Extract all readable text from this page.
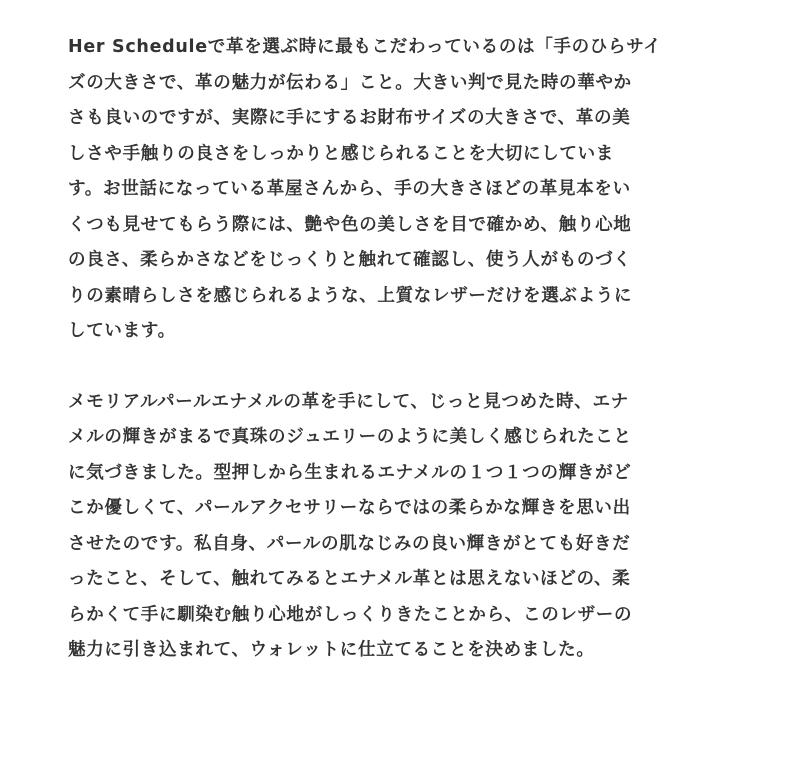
Her Scheduleで革を選ぶ時に最もこだわっているのは「手のひらサイ
ズの大きさで、革の魅力が伝わる」こと。大きい判で見た時の華やか
さも良いのですが、実際に手にするお財布サイズの大きさで、革の美
しさや手触りの良さをしっかりと感じられることを大切にしていま
す。お世話になっている革屋さんから、手の大きさほどの革見本をい
くつも見せてもらう際には、艶や色の美しさを目で確かめ、触り心地
の良さ、柔らかさなどをじっくりと触れて確認し、使う人がものづく
りの素晴らしさを感じられるような、上質なレザーだけを選ぶように
しています。

メモリアルパールエナメルの革を手にして、じっと見つめた時、エナ
メルの輝きがまるで真珠のジュエリーのように美しく感じられたこと
に気づきました。型押しから生まれるエナメルの１つ１つの輝きがど
こか優しくて、パールアクセサリーならではの柔らかな輝きを思い出
させたのです。私自身、パールの肌なじみの良い輝きがとても好きだ
ったこと、そして、触れてみるとエナメル革とは思えないほどの、柔
らかくて手に馴染む触り心地がしっくりきたことから、このレザーの
魅力に引き込まれて、ウォレットに仕立てることを決めました。
